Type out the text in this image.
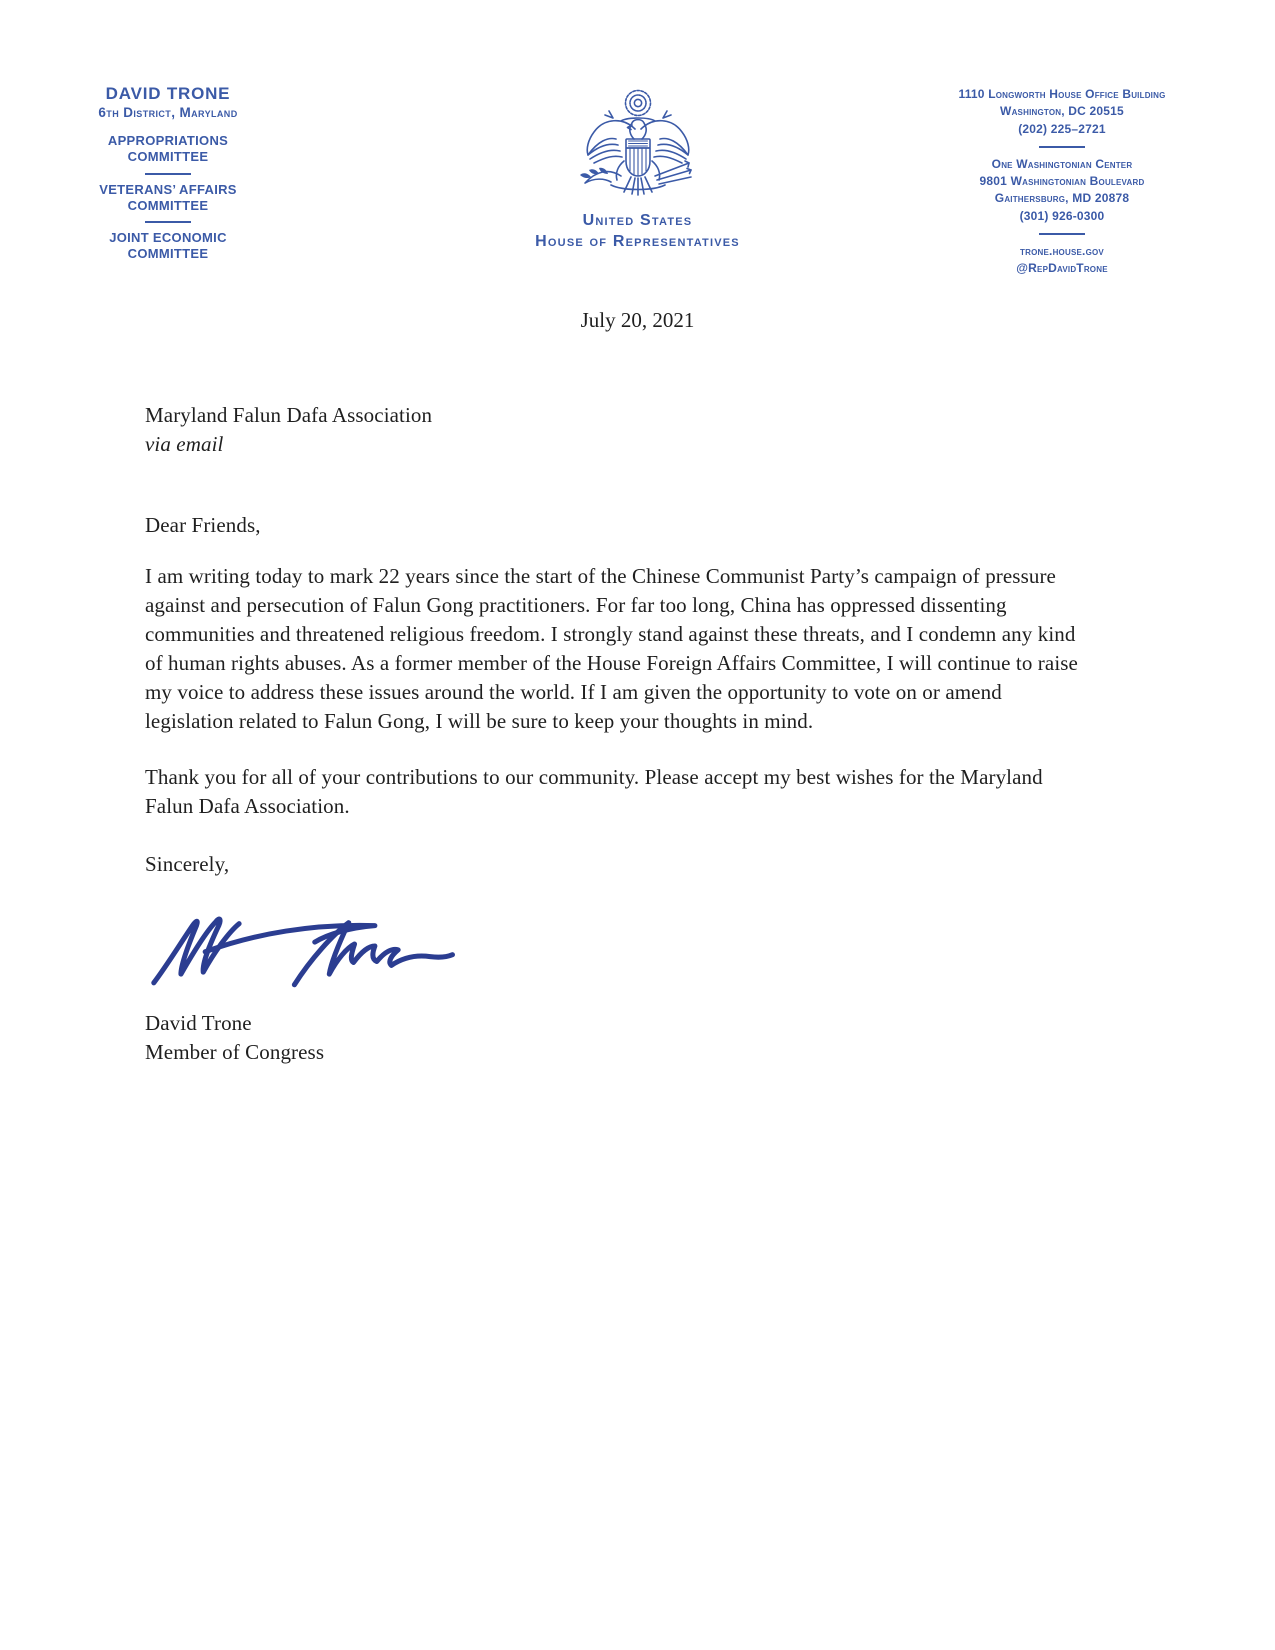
DAVID TRONE
6th District, Maryland
APPROPRIATIONS
COMMITTEE
VETERANS’ AFFAIRS
COMMITTEE
JOINT ECONOMIC
COMMITTEE
United States
House of Representatives
1110 Longworth House Office Building
Washington, DC 20515
(202) 225–2721
One Washingtonian Center
9801 Washingtonian Boulevard
Gaithersburg, MD 20878
(301) 926-0300
trone.house.gov
@RepDavidTrone
July 20, 2021
Maryland Falun Dafa Association
via email
Dear Friends,

I am writing today to mark 22 years since the start of the Chinese Communist Party’s campaign of pressure against and persecution of Falun Gong practitioners. For far too long, China has oppressed dissenting communities and threatened religious freedom. I strongly stand against these threats, and I condemn any kind of human rights abuses. As a former member of the House Foreign Affairs Committee, I will continue to raise my voice to address these issues around the world. If I am given the opportunity to vote on or amend legislation related to Falun Gong, I will be sure to keep your thoughts in mind.

Thank you for all of your contributions to our community. Please accept my best wishes for the Maryland Falun Dafa Association.

Sincerely,
David Trone
Member of Congress
